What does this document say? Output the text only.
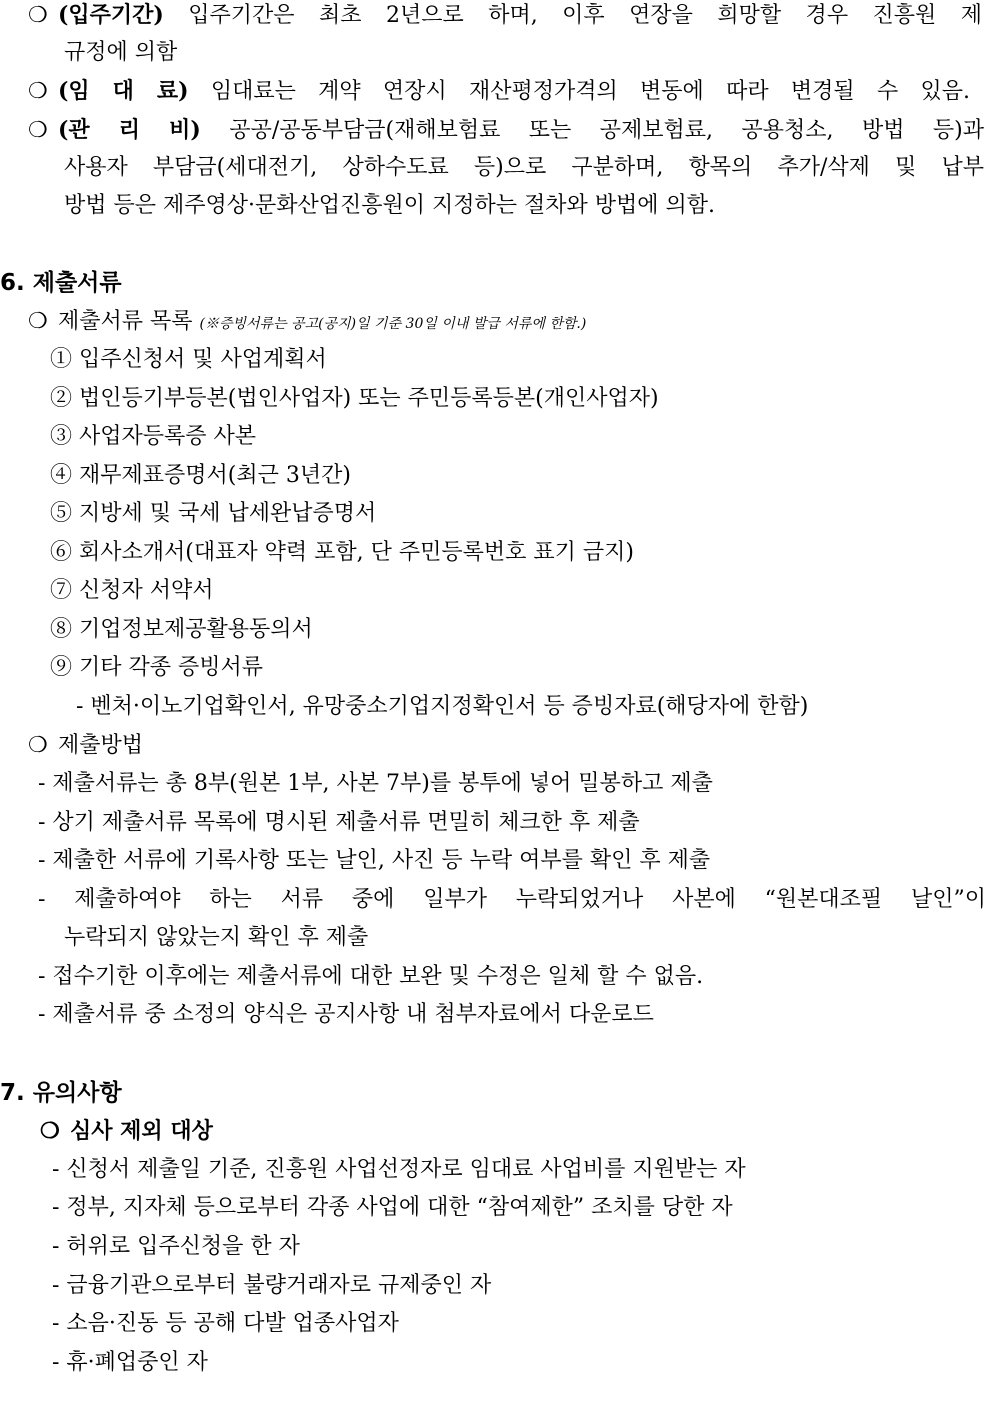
❍ (입주기간) 입주기간은 최초 2년으로 하며, 이후 연장을 희망할 경우 진흥원 제
규정에 의함
❍ (임 대 료) 임대료는 계약 연장시 재산평정가격의 변동에 따라 변경될 수 있음.
❍ (관 리 비) 공공/공동부담금(재해보험료 또는 공제보험료, 공용청소, 방법 등)과
사용자 부담금(세대전기, 상하수도료 등)으로 구분하며, 항목의 추가/삭제 및 납부
방법 등은 제주영상·문화산업진흥원이 지정하는 절차와 방법에 의함.
6. 제출서류
❍ 제출서류 목록 (※증빙서류는 공고(공지)일 기준 30일 이내 발급 서류에 한함.)
① 입주신청서 및 사업계획서
② 법인등기부등본(법인사업자) 또는 주민등록등본(개인사업자)
③ 사업자등록증 사본
④ 재무제표증명서(최근 3년간)
⑤ 지방세 및 국세 납세완납증명서
⑥ 회사소개서(대표자 약력 포함, 단 주민등록번호 표기 금지)
⑦ 신청자 서약서
⑧ 기업정보제공활용동의서
⑨ 기타 각종 증빙서류
- 벤처·이노기업확인서, 유망중소기업지정확인서 등 증빙자료(해당자에 한함)
❍ 제출방법
- 제출서류는 총 8부(원본 1부, 사본 7부)를 봉투에 넣어 밀봉하고 제출
- 상기 제출서류 목록에 명시된 제출서류 면밀히 체크한 후 제출
- 제출한 서류에 기록사항 또는 날인, 사진 등 누락 여부를 확인 후 제출
- 제출하여야 하는 서류 중에 일부가 누락되었거나 사본에 “원본대조필 날인”이
누락되지 않았는지 확인 후 제출
- 접수기한 이후에는 제출서류에 대한 보완 및 수정은 일체 할 수 없음.
- 제출서류 중 소정의 양식은 공지사항 내 첨부자료에서 다운로드
7. 유의사항
❍ 심사 제외 대상
- 신청서 제출일 기준, 진흥원 사업선정자로 임대료 사업비를 지원받는 자
- 정부, 지자체 등으로부터 각종 사업에 대한 “참여제한” 조치를 당한 자
- 허위로 입주신청을 한 자
- 금융기관으로부터 불량거래자로 규제중인 자
- 소음·진동 등 공해 다발 업종사업자
- 휴·폐업중인 자
